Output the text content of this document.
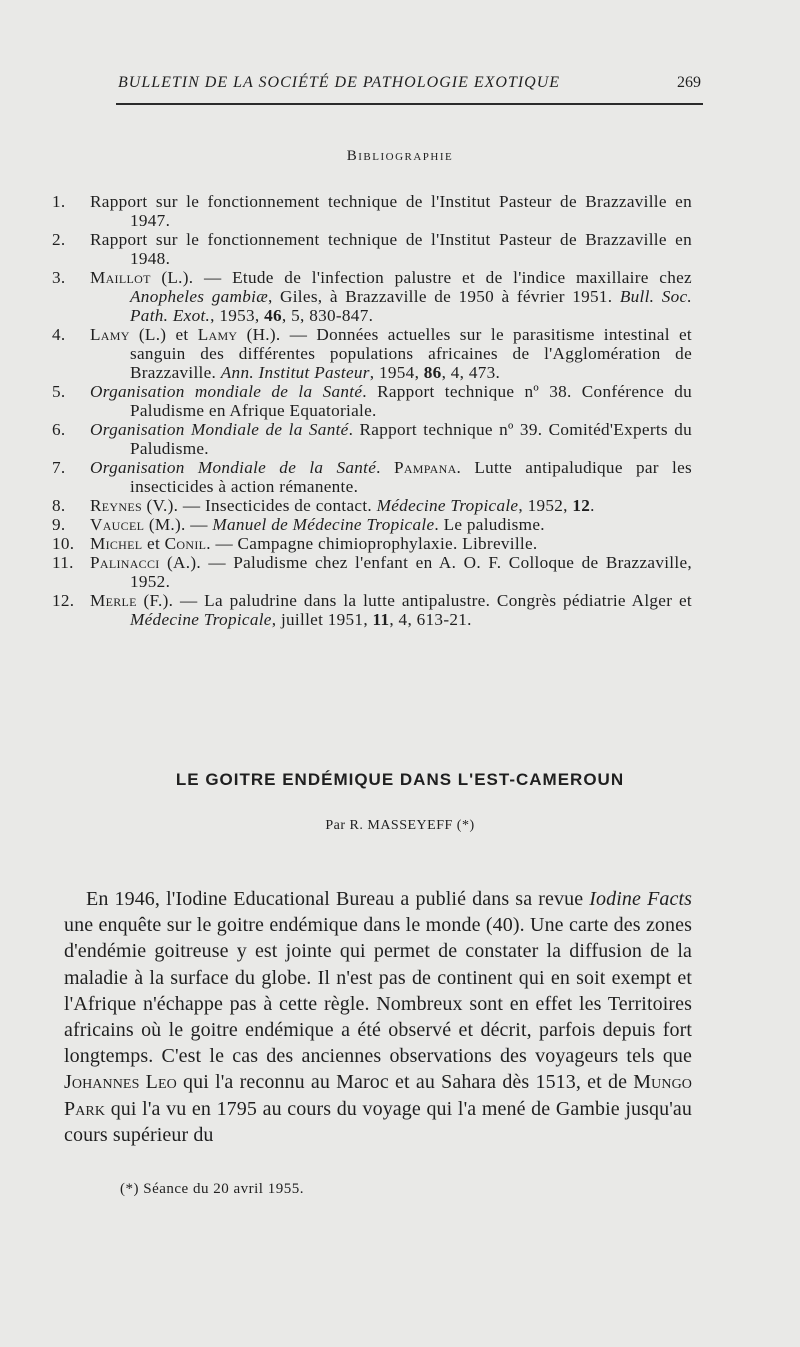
BULLETIN DE LA SOCIÉTÉ DE PATHOLOGIE EXOTIQUE	269
Bibliographie
1.	Rapport sur le fonctionnement technique de l'Institut Pasteur de Brazzaville en 1947.
2.	Rapport sur le fonctionnement technique de l'Institut Pasteur de Brazzaville en 1948.
3.	Maillot (L.). — Etude de l'infection palustre et de l'indice maxillaire chez Anopheles gambiæ, Giles, à Brazzaville de 1950 à février 1951. Bull. Soc. Path. Exot., 1953, 46, 5, 830-847.
4.	Lamy (L.) et Lamy (H.). — Données actuelles sur le parasitisme intestinal et sanguin des différentes populations africaines de l'Agglomération de Brazzaville. Ann. Institut Pasteur, 1954, 86, 4, 473.
5.	Organisation mondiale de la Santé. Rapport technique nº 38. Conférence du Paludisme en Afrique Equatoriale.
6.	Organisation Mondiale de la Santé. Rapport technique nº 39. Comitéd'Experts du Paludisme.
7.	Organisation Mondiale de la Santé. Pampana. Lutte antipaludique par les insecticides à action rémanente.
8.	Reynes (V.). — Insecticides de contact. Médecine Tropicale, 1952, 12.
9.	Vaucel (M.). — Manuel de Médecine Tropicale. Le paludisme.
10. Michel et Conil. — Campagne chimioprophylaxie. Libreville.
11. Palinacci (A.). — Paludisme chez l'enfant en A. O. F. Colloque de Brazzaville, 1952.
12. Merle (F.). — La paludrine dans la lutte antipalustre. Congrès pédiatrie Alger et Médecine Tropicale, juillet 1951, 11, 4, 613-21.
LE GOITRE ENDÉMIQUE DANS L'EST-CAMEROUN
Par R. MASSEYEFF (*)

En 1946, l'Iodine Educational Bureau a publié dans sa revue Iodine Facts une enquête sur le goitre endémique dans le monde (40). Une carte des zones d'endémie goitreuse y est jointe qui permet de constater la diffusion de la maladie à la surface du globe. Il n'est pas de continent qui en soit exempt et l'Afrique n'échappe pas à cette règle. Nombreux sont en effet les Territoires africains où le goitre endémique a été observé et décrit, parfois depuis fort longtemps. C'est le cas des anciennes observations des voyageurs tels que Johannes Leo qui l'a reconnu au Maroc et au Sahara dès 1513, et de Mungo Park qui l'a vu en 1795 au cours du voyage qui l'a mené de Gambie jusqu'au cours supérieur du

(*) Séance du 20 avril 1955.
